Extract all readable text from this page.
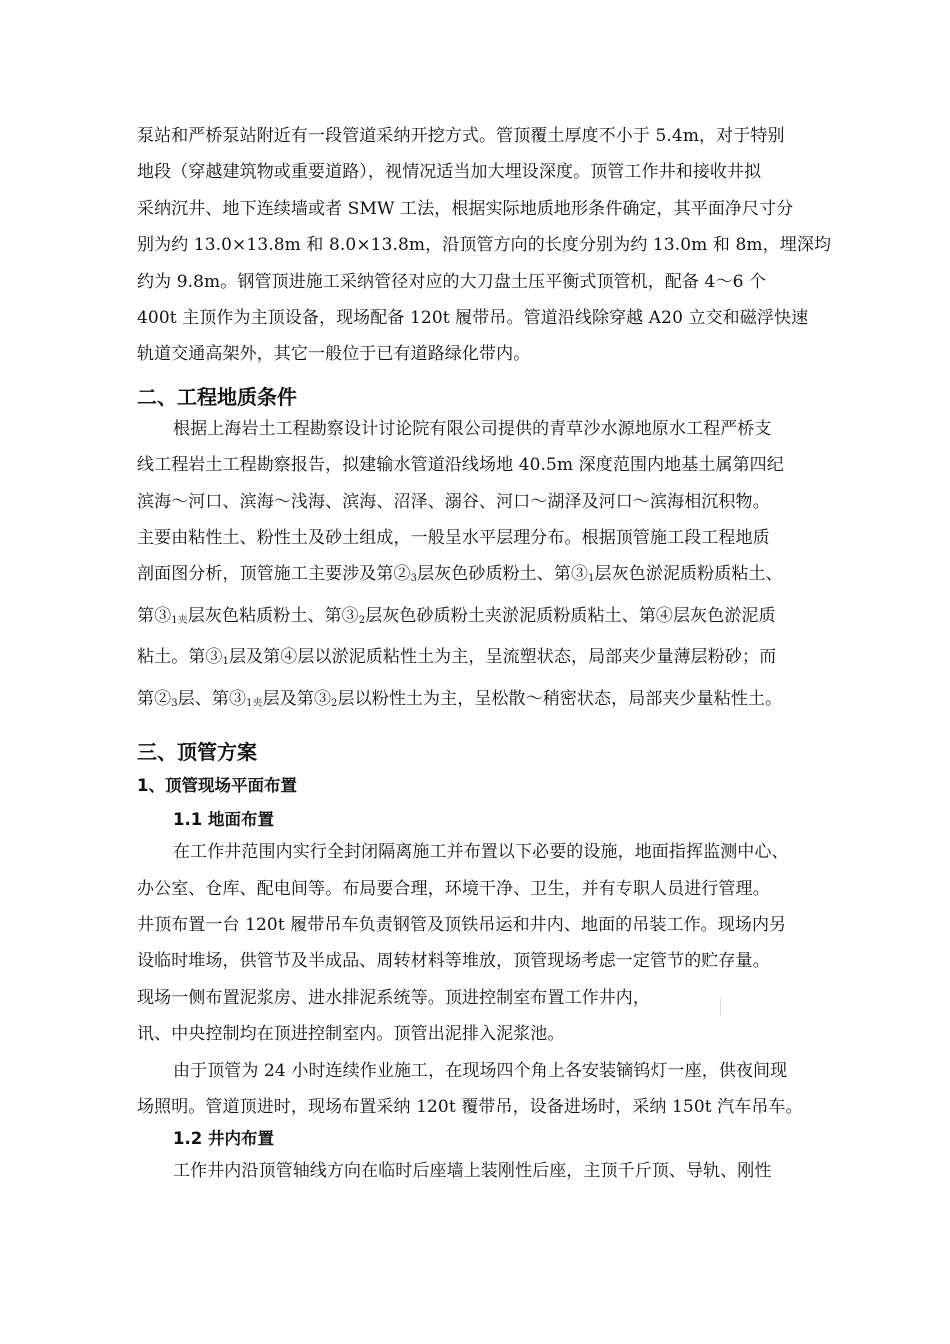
泵站和严桥泵站附近有一段管道采纳开挖方式。管顶覆土厚度不小于 5.4m，对于特别
地段（穿越建筑物或重要道路），视情况适当加大埋设深度。顶管工作井和接收井拟
采纳沉井、地下连续墙或者 SMW 工法，根据实际地质地形条件确定，其平面净尺寸分
别为约 13.0×13.8m 和 8.0×13.8m，沿顶管方向的长度分别为约 13.0m 和 8m，埋深均
约为 9.8m。钢管顶进施工采纳管径对应的大刀盘土压平衡式顶管机，配备 4～6 个
400t 主顶作为主顶设备，现场配备 120t 履带吊。管道沿线除穿越 A20 立交和磁浮快速
轨道交通高架外，其它一般位于已有道路绿化带内。
二、工程地质条件
根据上海岩土工程勘察设计讨论院有限公司提供的青草沙水源地原水工程严桥支
线工程岩土工程勘察报告，拟建输水管道沿线场地 40.5m 深度范围内地基土属第四纪
滨海～河口、滨海～浅海、滨海、沼泽、溺谷、河口～湖泽及河口～滨海相沉积物。
主要由粘性土、粉性土及砂土组成，一般呈水平层理分布。根据顶管施工段工程地质
剖面图分析，顶管施工主要涉及第$②_3$层灰色砂质粉土、第$③_1$层灰色淤泥质粉质粘土、
第$③_{1夹}$层灰色粘质粉土、第$③_2$层灰色砂质粉土夹淤泥质粉质粘土、第④层灰色淤泥质
粘土。第$③_1$层及第④层以淤泥质粘性土为主，呈流塑状态，局部夹少量薄层粉砂；而
第$②_3$层、第$③_{1夹}$层及第$③_2$层以粉性土为主，呈松散～稍密状态，局部夹少量粘性土。
三、顶管方案
1、顶管现场平面布置
1.1 地面布置
在工作井范围内实行全封闭隔离施工并布置以下必要的设施，地面指挥监测中心、
办公室、仓库、配电间等。布局要合理，环境干净、卫生，并有专职人员进行管理。
井顶布置一台 120t 履带吊车负责钢管及顶铁吊运和井内、地面的吊装工作。现场内另
设临时堆场，供管节及半成品、周转材料等堆放，顶管现场考虑一定管节的贮存量。
现场一侧布置泥浆房、进水排泥系统等。顶进控制室布置工作井内，
讯、中央控制均在顶进控制室内。顶管出泥排入泥浆池。
由于顶管为 24 小时连续作业施工，在现场四个角上各安装镝钨灯一座，供夜间现
场照明。管道顶进时，现场布置采纳 120t 覆带吊，设备进场时，采纳 150t 汽车吊车。
1.2 井内布置
工作井内沿顶管轴线方向在临时后座墙上装刚性后座，主顶千斤顶、导轨、刚性
